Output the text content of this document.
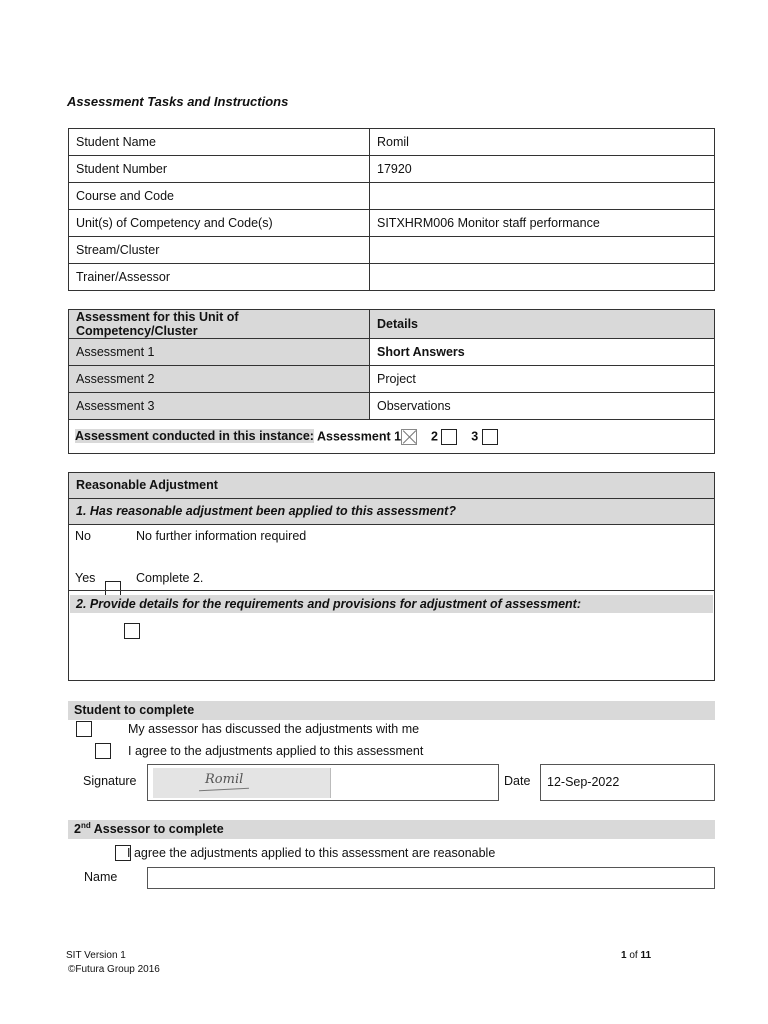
Assessment Tasks and Instructions
Student Name	Romil
Student Number	17920
Course and Code	
Unit(s) of Competency and Code(s)	SITXHRM006 Monitor staff performance
Stream/Cluster	
Trainer/Assessor	
Assessment for this Unit of Competency/Cluster	Details
Assessment 1	Short Answers
Assessment 2	Project
Assessment 3	Observations
Assessment conducted in this instance: Assessment 1 2 3	
Reasonable Adjustment
1. Has reasonable adjustment been applied to this assessment?
No
	No further information required
Yes	Complete 2.
2. Provide details for the requirements and provisions for adjustment of assessment:
Student to complete

My assessor has discussed the adjustments with me

I agree to the adjustments applied to this assessment
Signature	Romil	Date	12-Sep-2022
2nd Assessor to complete
I agree the adjustments applied to this assessment are reasonable
Name
SIT Version 1
©Futura Group 2016
1 of 11
